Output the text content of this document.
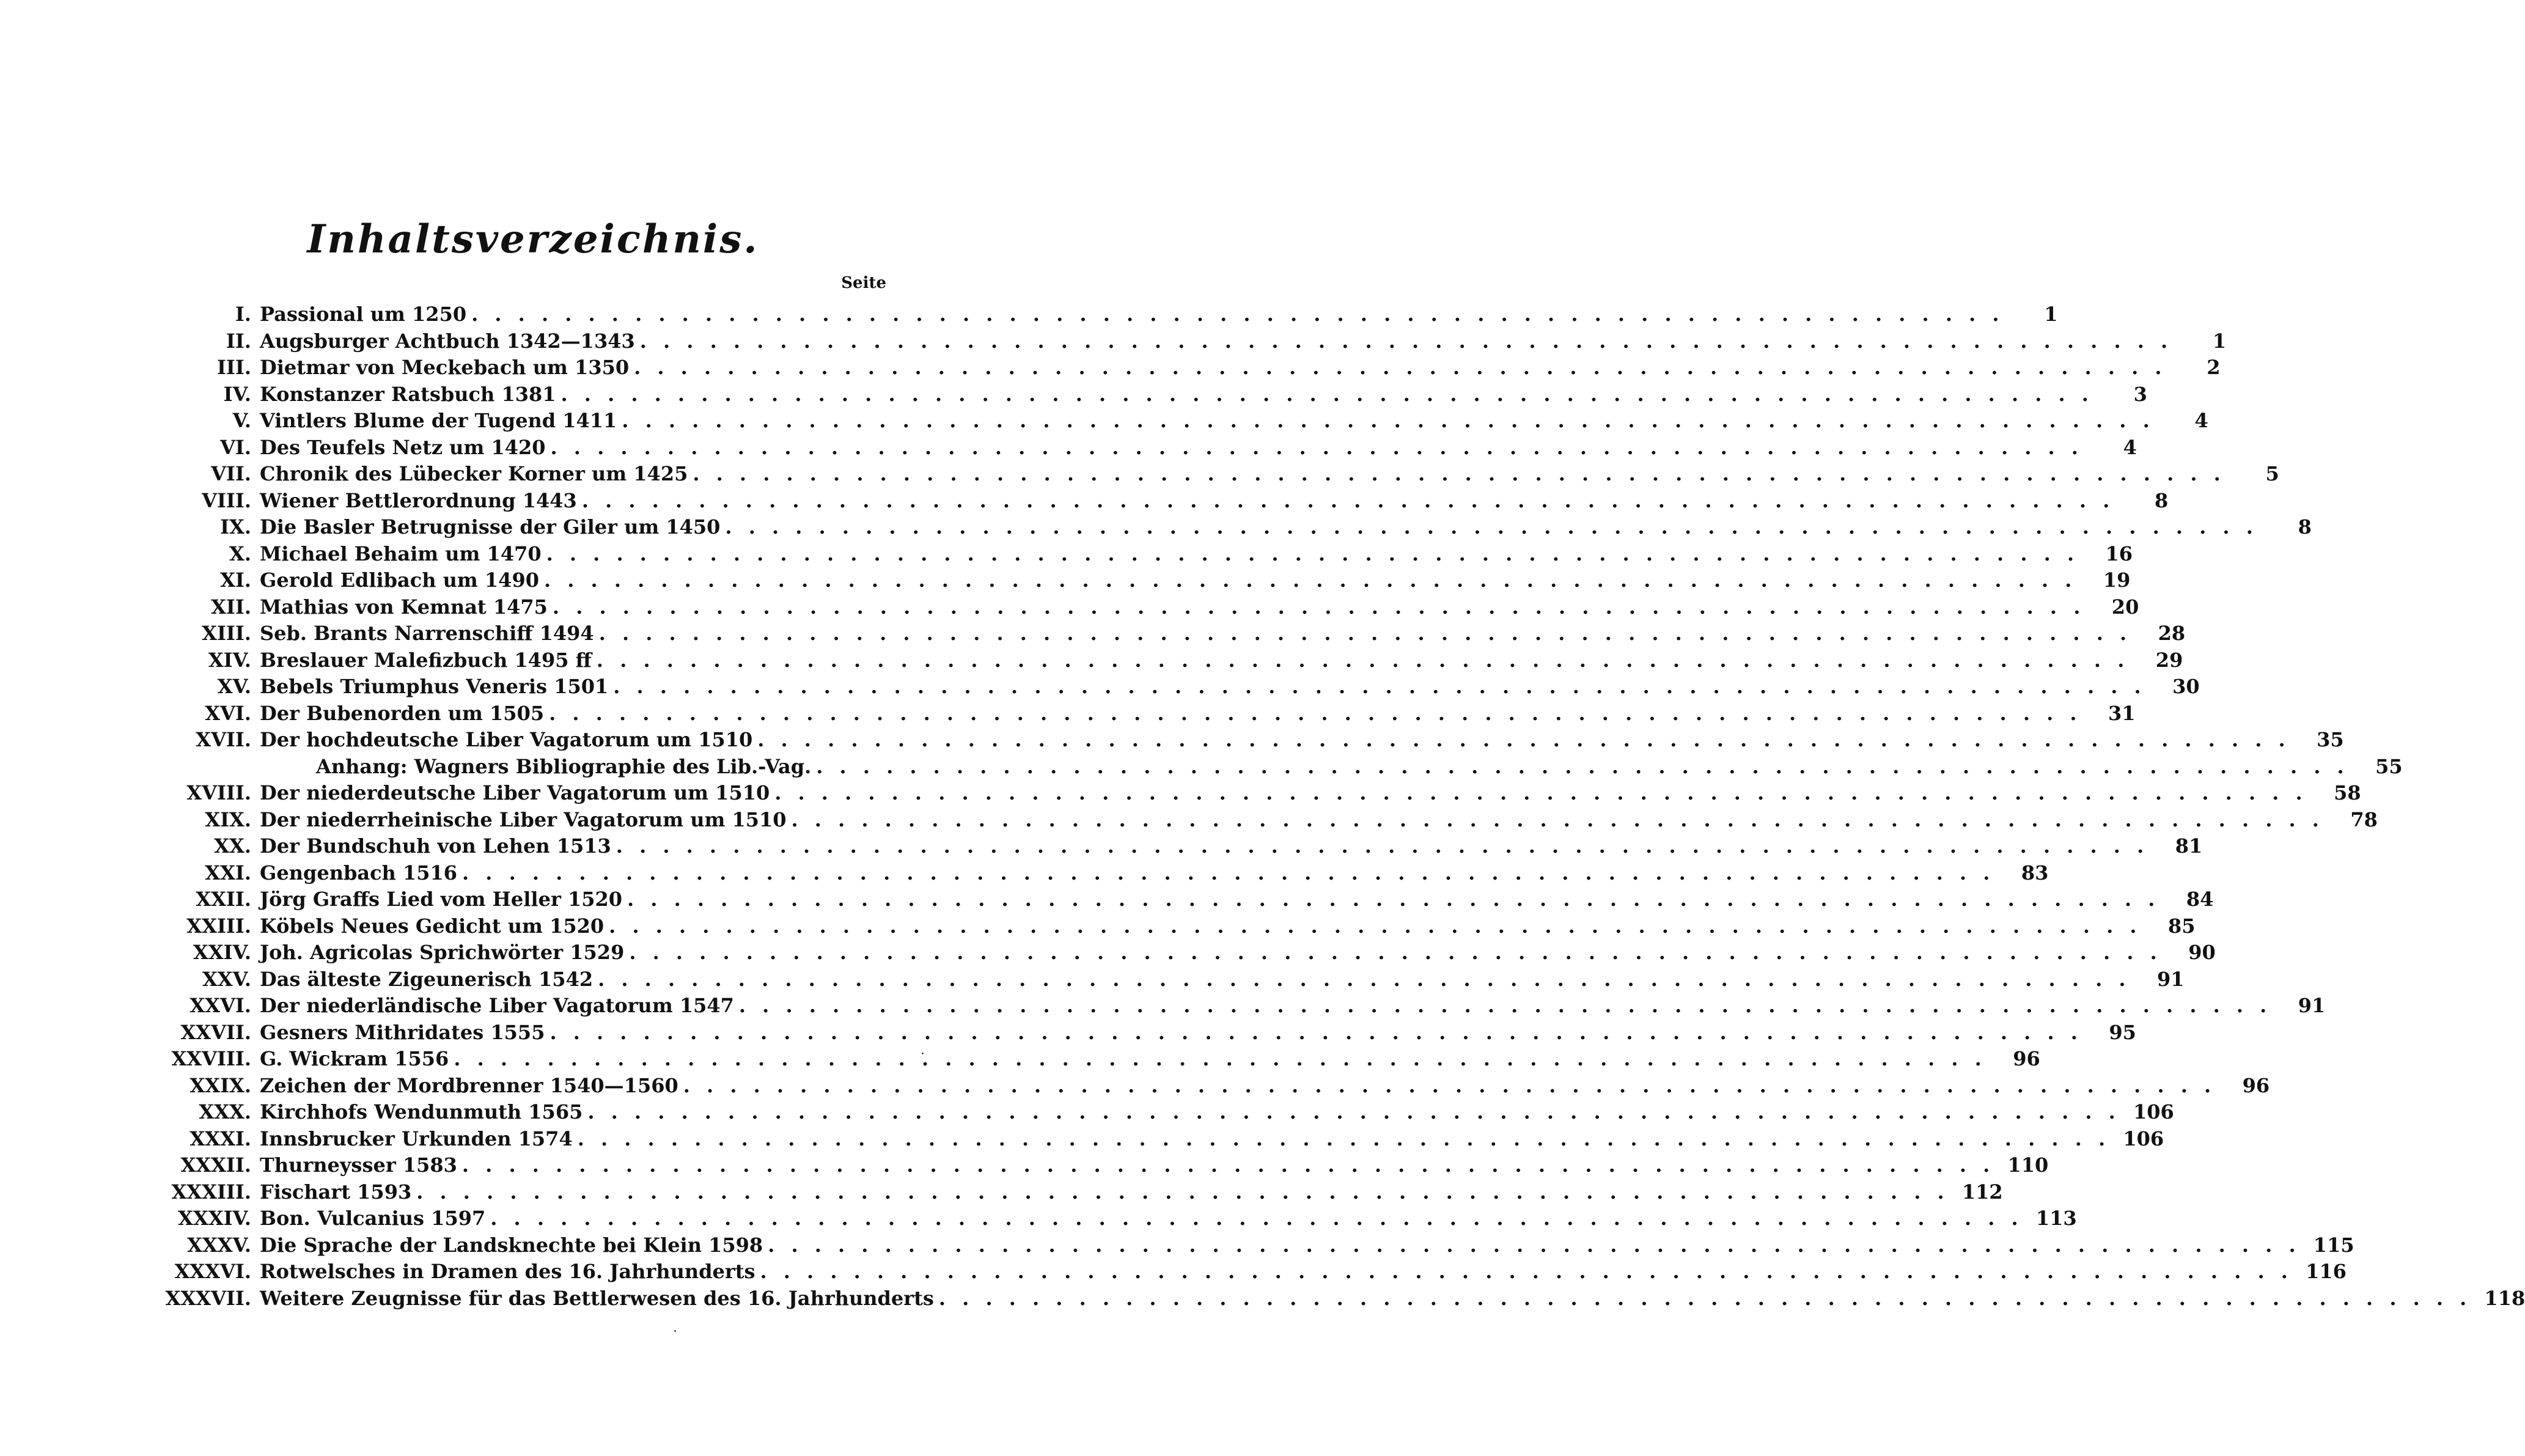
Inhaltsverzeichnis.
Seite
I. Passional um 1250 . . .	1
II. Augsburger Achtbuch 1342—1343 . . .	1
III. Dietmar von Meckebach um 1350 . . .	2
IV. Konstanzer Ratsbuch 1381 . . .	3
V. Vintlers Blume der Tugend 1411 . . .	4
VI. Des Teufels Netz um 1420 . . .	4
VII. Chronik des Lübecker Korner um 1425 . . .	5
VIII. Wiener Bettlerordnung 1443 . . .	8
IX. Die Basler Betrugnisse der Giler um 1450 . . .	8
X. Michael Behaim um 1470 . . .	16
XI. Gerold Edlibach um 1490 . . .	19
XII. Mathias von Kemnat 1475 . . .	20
XIII. Seb. Brants Narrenschiff 1494 . . .	28
XIV. Breslauer Malefizbuch 1495 ff . . .	29
XV. Bebels Triumphus Veneris 1501 . . .	30
XVI. Der Bubenorden um 1505 . . .	31
XVII. Der hochdeutsche Liber Vagatorum um 1510 . . .	35
Anhang: Wagners Bibliographie des Lib.-Vag. . . .	55
XVIII. Der niederdeutsche Liber Vagatorum um 1510 . . .	58
XIX. Der niederrheinische Liber Vagatorum um 1510 . . .	78
XX. Der Bundschuh von Lehen 1513 . . .	81
XXI. Gengenbach 1516 . . .	83
XXII. Jörg Graffs Lied vom Heller 1520 . . .	84
XXIII. Köbels Neues Gedicht um 1520 . . .	85
XXIV. Joh. Agricolas Sprichwörter 1529 . . .	90
XXV. Das älteste Zigeunerisch 1542 . . .	91
XXVI. Der niederländische Liber Vagatorum 1547 . . .	91
XXVII. Gesners Mithridates 1555 . . .	95
XXVIII. G. Wickram 1556 . . .	96
XXIX. Zeichen der Mordbrenner 1540—1560 . . .	96
XXX. Kirchhofs Wendunmuth 1565 . . .	106
XXXI. Innsbrucker Urkunden 1574 . . .	106
XXXII. Thurneysser 1583 . . .	110
XXXIII. Fischart 1593 . . .	112
XXXIV. Bon. Vulcanius 1597 . . .	113
XXXV. Die Sprache der Landsknechte bei Klein 1598 . . .	115
XXXVI. Rotwelsches in Dramen des 16. Jahrhunderts . . .	116
XXXVII. Weitere Zeugnisse für das Bettlerwesen des 16. Jahrhunderts . . .	118
